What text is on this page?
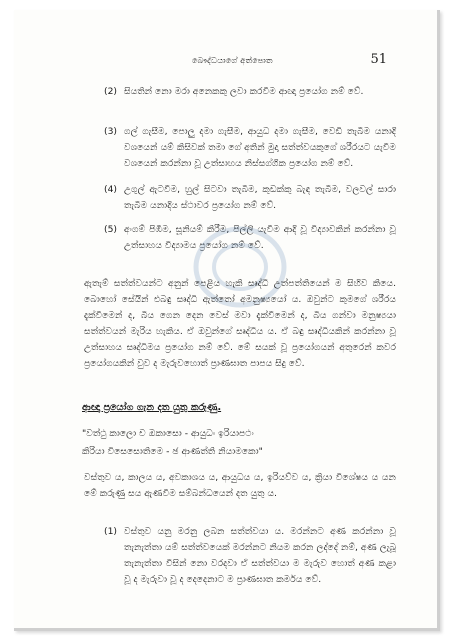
බෞද්ධයාගේ අත්පොත	51
(2) සියතින් නො මරා අනෙකකු ලවා කරවීම ආඥා ප්‍රයෝග නම් වේ.
(3) ගල් ගැසීම, පොලු දමා ගැසීම, ආයුධ දමා ගැසීම, වෙඩි තැබීම යනාදි වශයෙන් යම් කිසිවක් තමා ගේ අතින් මුදා සත්ත්වයකුගේ ශරීරයට යැවීම වශයෙන් කරන්නා වූ උත්සාහය නිස්සග්ගික ප්‍රයෝග නම් වේ.
(4) උගුල් ඇටවීම, හුල් සිටවා තැබීම, කුඩක්කු බැඳ තැබීම, වලවල් සාරා තැබීම යනාදිය ස්ථාවර ප්‍රයෝග නම් වේ.
(5) අංගම් පිඹීම, සූනියම් කිරීම, පිල්ලි යැවීම ආදි වූ විද්‍යාවකින් කරන්නා වූ උත්සාහය විද්‍යාමය ප්‍රයෝග නම් වේ.
ඇතැම් සත්ත්වයන්ට අනුන් පෙළිය හැකි සෘද්ධි උත්පත්තියෙන් ම සිහිව කියෙ. බොහෝ සේයින් එබඳු සෘද්ධි ඇත්තෝ අමනුෂ්‍යයෝ ය. ඔවුන්ට කුමගේ ශරීරය දැක්වීමෙන් ද, බිය ගෙන දෙන වෙස් මවා දැක්වීමෙන් ද, බිය ගන්වා මනුෂ්‍යයා සත්ත්වයන් මැරිය හැකිය. ඒ ඔවුන්ගේ සෘද්ධිය ය. ඒ බඳු සෘද්ධියකින් කරන්නා වූ උත්සාහය සෘද්ධිමය ප්‍රයෝග නම් වේ. මේ සයක් වූ ප්‍රයෝගයන් අතුරෙන් කවර ප්‍රයෝගයකින් වුව ද මැරුවහොත් ප්‍රාණඝාත පාපය සිදු වේ.
ආඥා ප්‍රයෝග ගැන දත යුතු කරුණු.
"වත්ථු කාලො ච ඔකාසො - ආයුධං ඉරියාපථං
කිරියා විසෙසොතිමෙ - ඡ ආණත්ති නියාමකො"
වස්තුව ය, කාලය ය, අවකාශය ය, ආයුධය ය, ඉරියව්ව ය, ක්‍රියා විශේෂය ය යන මේ කරුණු සය ඇණවීම සම්බන්ධයෙන් දත යුතු ය.
(1) වස්තුව යනු මරනු ලබන සත්ත්වයා ය. මරන්නට අණ කරන්නා වූ තැනැත්තා යම් සත්ත්වයෙක් මරන්නට නියම කරන ලද්දේ නම්, අණ ලැබූ තැනැත්තා විසින් නො වරදවා ඒ සත්ත්වයා ම මැරුව හොත් අණ කළා වූ ද මැරුවා වූ ද දෙදෙනාට ම ප්‍රාණඝාත කර්මය වේ.
